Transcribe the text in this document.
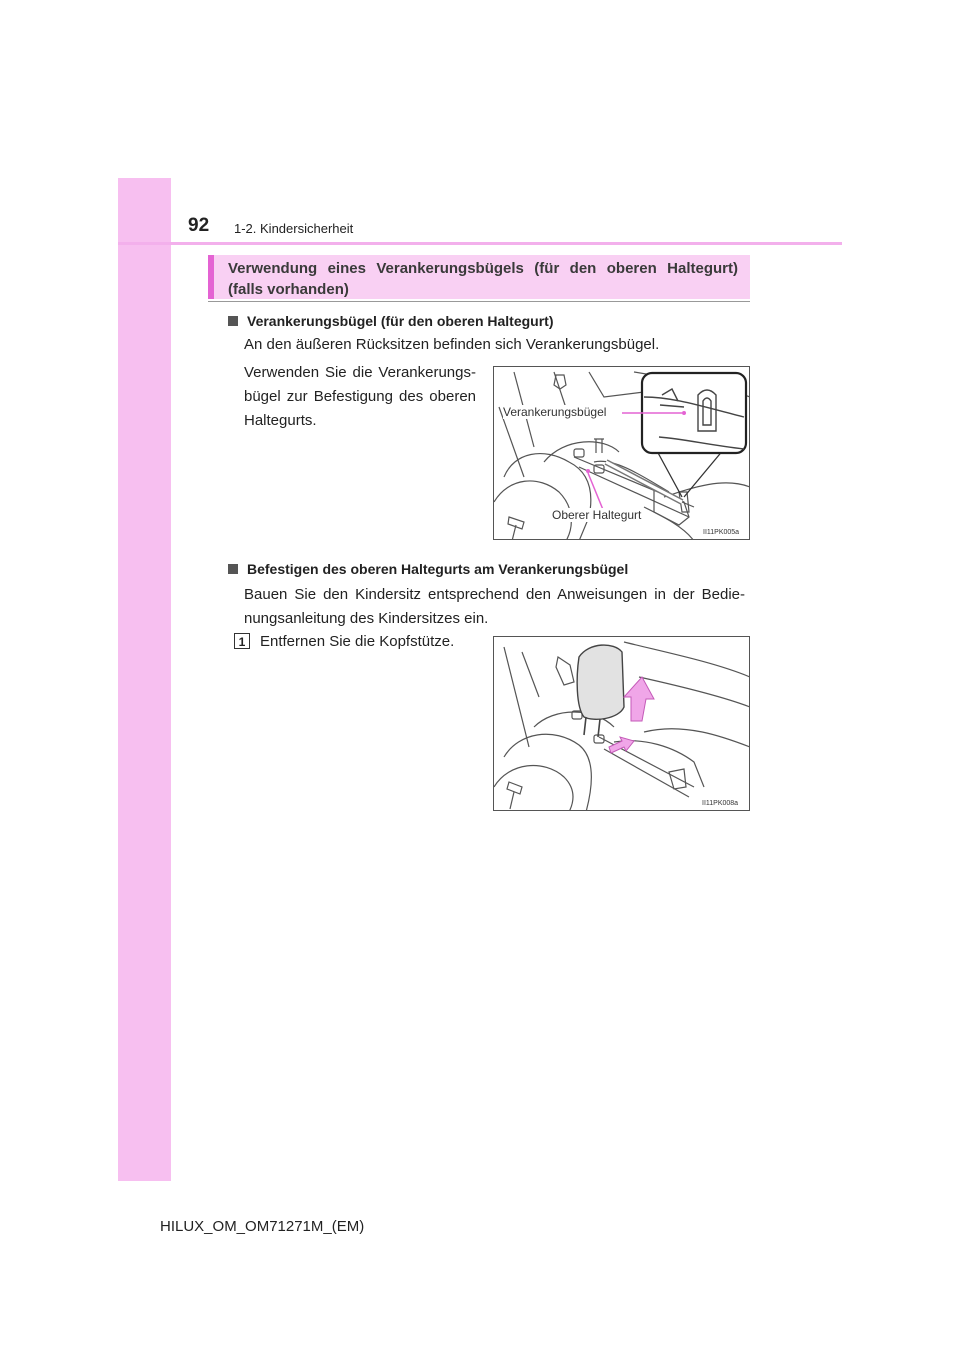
92 1-2. Kindersicherheit
Verwendung eines Verankerungsbügels (für den oberen Haltegurt) (falls vorhanden)
Verankerungsbügel (für den oberen Haltegurt)
An den äußeren Rücksitzen befinden sich Verankerungsbügel.
Verwenden Sie die Verankerungs-bügel zur Befestigung des oberen Haltegurts.	Verankerungsbügel
Oberer Haltegurt
II11PK005a
Befestigen des oberen Haltegurts am Verankerungsbügel
Bauen Sie den Kindersitz entsprechend den Anweisungen in der Bedie-nungsanleitung des Kindersitzes ein.
1 Entfernen Sie die Kopfstütze.
II11PK008a
HILUX_OM_OM71271M_(EM)
